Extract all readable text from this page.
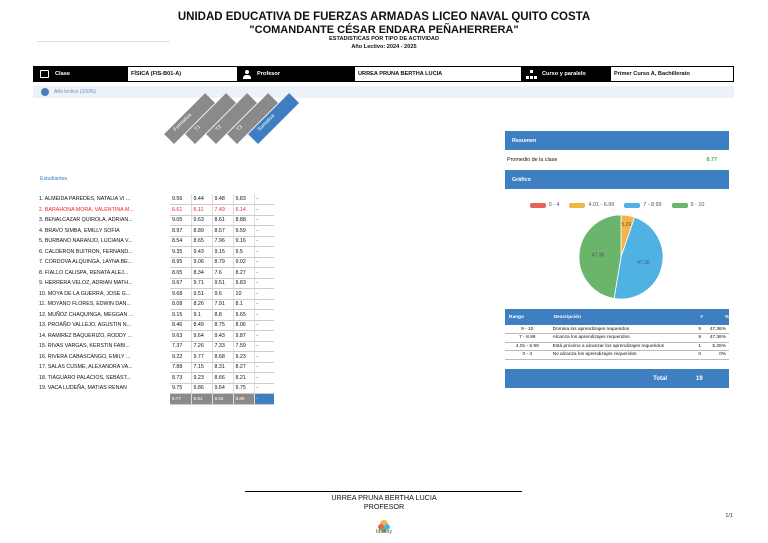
UNIDAD EDUCATIVA DE FUERZAS ARMADAS LICEO NAVAL QUITO COSTA
"COMANDANTE CÉSAR ENDARA PEÑAHERRERA"
ESTADISTICAS POR TIPO DE ACTIVIDAD
Año Lectivo: 2024 - 2025
Clase	FÍSICA (FIS-B01-A)	Profesor	URREA PRUNA BERTHA LUCIA	Curso y paralelo	Primer Curso A, Bachillerato
Año lectivo (100%)
Estudiantes
Formativa T1 T2 T3 Sumativa
1. ALMEIDA PAREDES, NATALIA VI ...	9.56	9.44	9.48	9.83	-
2. BARAHONA MORA, VALENTINA M...	6.61	6.11	7.49	6.14	-
3. BENALCAZAR QUIROLA, ADRIAN...	9.05	9.63	8.61	8.88	-
4. BRAVO SIMBA, EMILLY SOFIA	8.97	8.89	8.57	9.59	-
5. BURBANO NARANJO, LUCIANA V...	8.54	8.65	7.96	9.16	-
6. CALDERON BUITRON, FERNAND...	9.35	9.43	9.15	9.5	-
7. CORDOVA ALQUINGA, LAYNA BE...	8.95	9.06	8.79	9.02	-
8. FIALLO CALISPA, RENATA ALEJ...	8.05	8.34	7.6	8.27	-
9. HERRERA VELOZ, ADRIAN MATH...	9.67	9.71	9.51	9.83	-
10. MOYA DE LA GUERRA, JOSE G...	9.68	9.51	9.6	10	-
11. MOYANO FLORES, EDWIN DAN...	8.08	8.26	7.91	8.1	-
12. MUÑOZ CHAQUINGA, MEGGAN ...	9.15	9.1	8.8	9.65	-
13. PROAÑO VALLEJO, AGUSTIN N...	8.46	8.49	8.75	8.06	-
14. RAMIREZ BAQUERIZO, RODDY ...	9.63	9.64	9.43	9.87	-
15. RIVAS VARGAS, KERSTIN FABI...	7.37	7.26	7.33	7.59	-
16. RIVERA CABASCANGO, EMILY ...	9.22	9.77	8.68	9.23	-
17. SALAS CUSME, ALEXANDRA VA...	7.88	7.15	8.31	8.27	-
18. TIAGUARO PALACIOS, SEBAST...	8.73	9.23	8.66	8.21	-
19. VACA LUDEÑA, MATIAS RENAN	9.75	9.86	9.64	9.75	-
	8.77	8.81	8.64	8.89	-
Resumen
Promedio de la clase	8.77
Gráfico
0 - 4	4.01 - 6.99	7 - 8.99	9 - 10
5.26
47.36
47.36
Rango	Descripción	#	%
9 - 10	Domina los aprendizajes requeridos	9	47.36%
7 - 8.99	Alcanza los aprendizajes requeridos	9	47.36%
4.01 - 6.99	Está próximo a alcanzar los aprendizajes requeridos	1	5.26%
0 - 4	No alcanza los aprendizajes requeridos	0	0%
Total	19
URREA PRUNA BERTHA LUCIA
PROFESOR
Idukay
1/1
